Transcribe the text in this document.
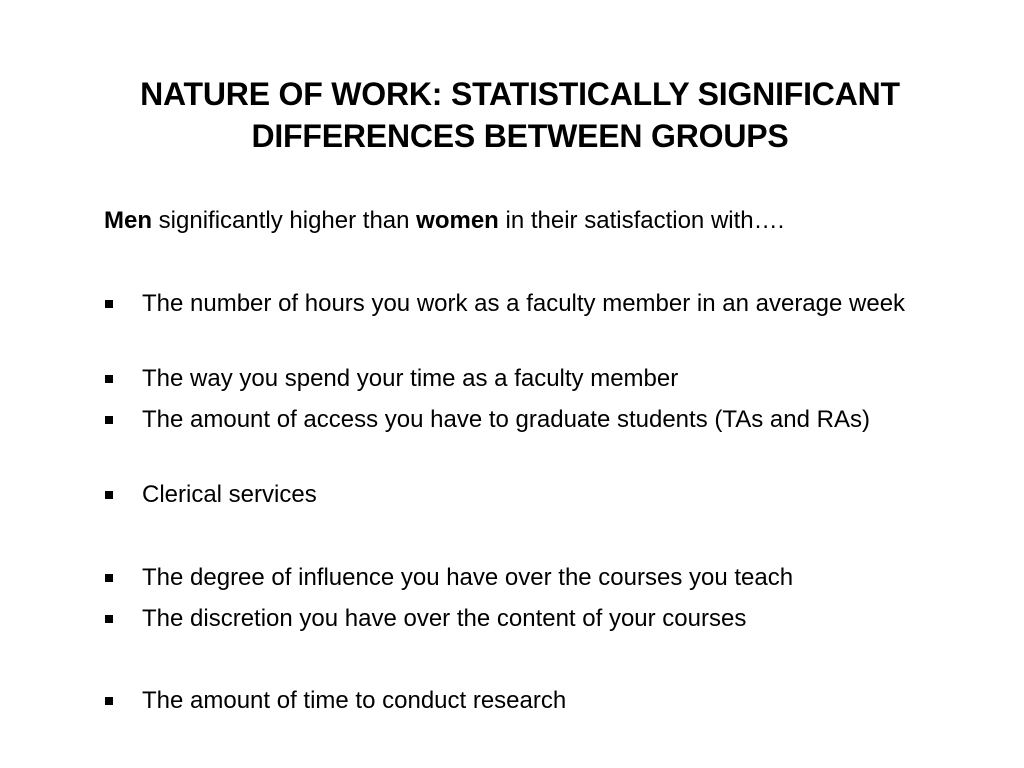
NATURE OF WORK: STATISTICALLY SIGNIFICANT
DIFFERENCES BETWEEN GROUPS
Men significantly higher than women in their satisfaction with….
The number of hours you work as a faculty member in an average week
The way you spend your time as a faculty member
The amount of access you have to graduate students (TAs and RAs)
Clerical services
The degree of influence you have over the courses you teach
The discretion you have over the content of your courses
The amount of time to conduct research
